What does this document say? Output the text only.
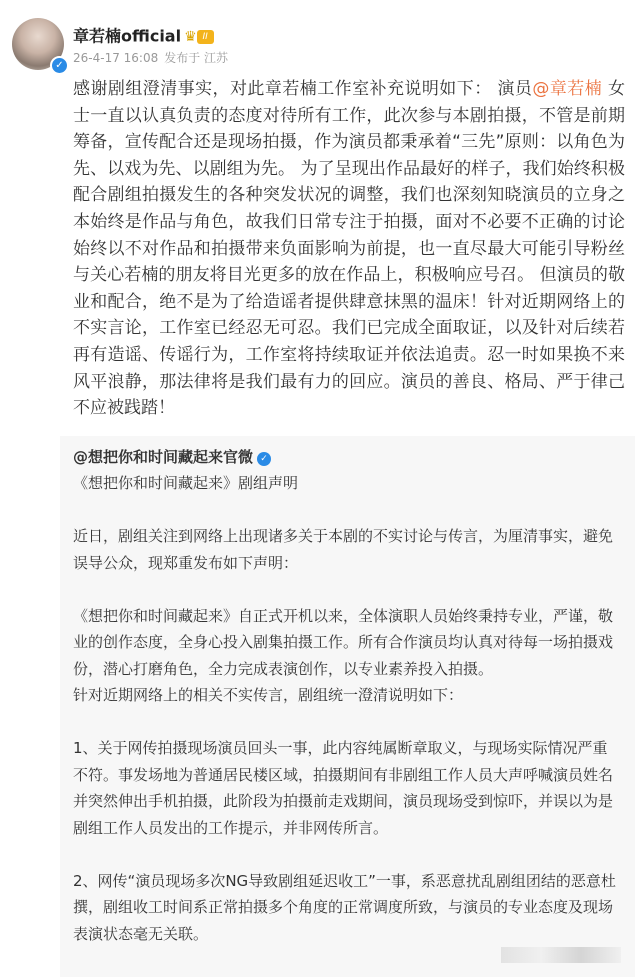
✓
章若楠official ♛ II
26-4-17 16:08 发布于 江苏
感谢剧组澄清事实，对此章若楠工作室补充说明如下： 演员@章若楠 女士一直以认真负责的态度对待所有工作，此次参与本剧拍摄，不管是前期筹备，宣传配合还是现场拍摄，作为演员都秉承着“三先”原则：以角色为先、以戏为先、以剧组为先。 为了呈现出作品最好的样子，我们始终积极配合剧组拍摄发生的各种突发状况的调整，我们也深刻知晓演员的立身之本始终是作品与角色，故我们日常专注于拍摄，面对不必要不正确的讨论始终以不对作品和拍摄带来负面影响为前提，也一直尽最大可能引导粉丝与关心若楠的朋友将目光更多的放在作品上，积极响应号召。 但演员的敬业和配合，绝不是为了给造谣者提供肆意抹黑的温床！针对近期网络上的不实言论，工作室已经忍无可忍。我们已完成全面取证，以及针对后续若再有造谣、传谣行为，工作室将持续取证并依法追责。忍一时如果换不来风平浪静，那法律将是我们最有力的回应。演员的善良、格局、严于律己不应被践踏！

@想把你和时间藏起来官微 ✓

《想把你和时间藏起来》剧组声明

近日，剧组关注到网络上出现诸多关于本剧的不实讨论与传言，为厘清事实，避免误导公众，现郑重发布如下声明：

《想把你和时间藏起来》自正式开机以来，全体演职人员始终秉持专业，严谨，敬业的创作态度，全身心投入剧集拍摄工作。所有合作演员均认真对待每一场拍摄戏份，潜心打磨角色，全力完成表演创作，以专业素养投入拍摄。

针对近期网络上的相关不实传言，剧组统一澄清说明如下：

1、关于网传拍摄现场演员回头一事，此内容纯属断章取义，与现场实际情况严重不符。事发场地为普通居民楼区域，拍摄期间有非剧组工作人员大声呼喊演员姓名并突然伸出手机拍摄，此阶段为拍摄前走戏期间，演员现场受到惊吓，并误以为是剧组工作人员发出的工作提示，并非网传所言。

2、网传“演员现场多次NG导致剧组延迟收工”一事，系恶意扰乱剧组团结的恶意杜撰，剧组收工时间系正常拍摄多个角度的正常调度所致，与演员的专业态度及现场表演状态毫无关联。
